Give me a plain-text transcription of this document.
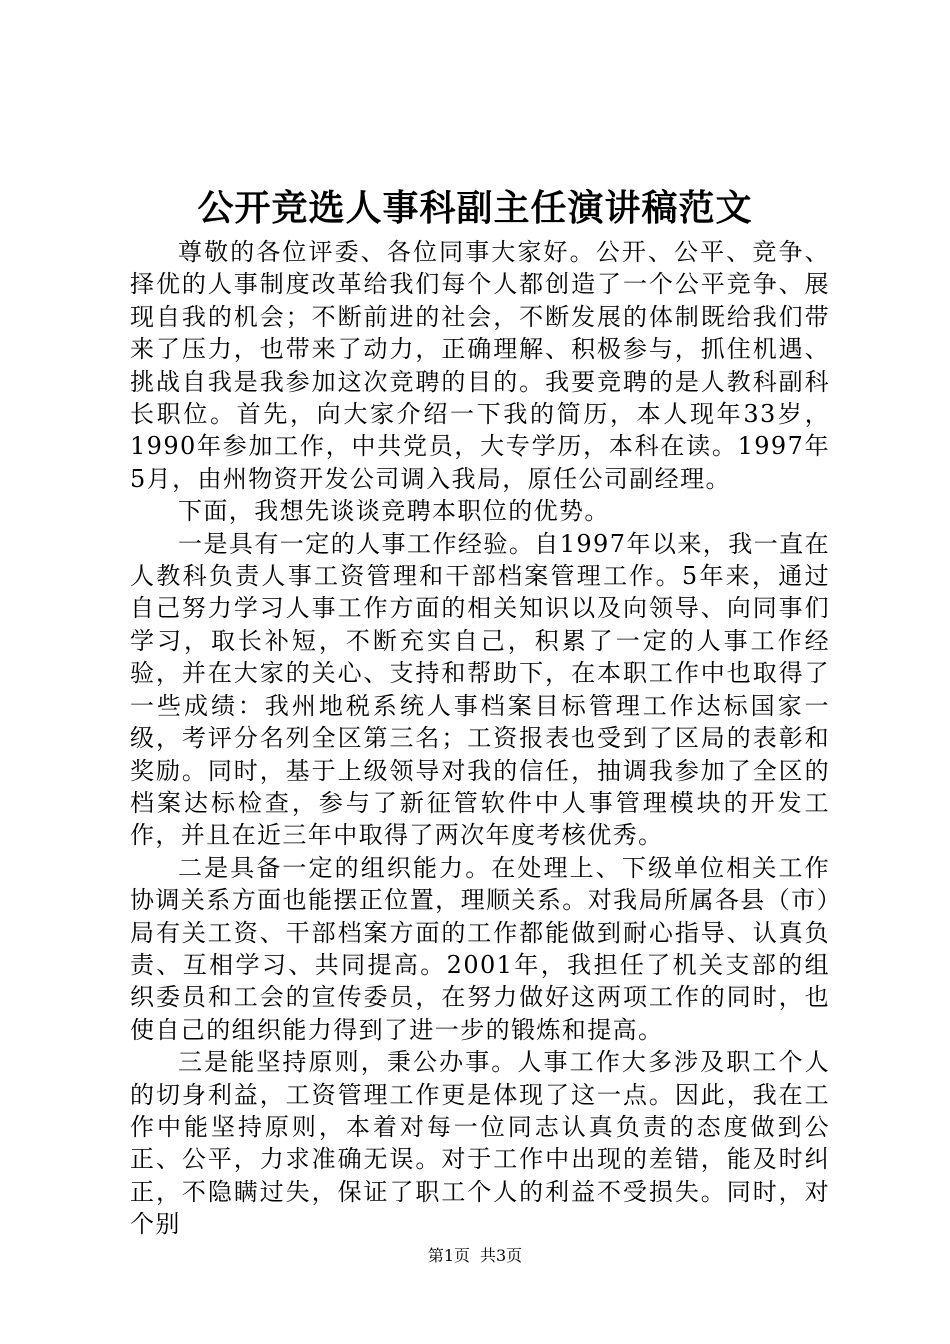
公开竞选人事科副主任演讲稿范文

尊敬的各位评委、各位同事大家好。公开、公平、竞争、择优的人事制度改革给我们每个人都创造了一个公平竞争、展现自我的机会；不断前进的社会，不断发展的体制既给我们带来了压力，也带来了动力，正确理解、积极参与，抓住机遇、挑战自我是我参加这次竞聘的目的。我要竞聘的是人教科副科长职位。首先，向大家介绍一下我的简历，本人现年33岁，1990年参加工作，中共党员，大专学历，本科在读。1997年5月，由州物资开发公司调入我局，原任公司副经理。

下面，我想先谈谈竞聘本职位的优势。

一是具有一定的人事工作经验。自1997年以来，我一直在人教科负责人事工资管理和干部档案管理工作。5年来，通过自己努力学习人事工作方面的相关知识以及向领导、向同事们学习，取长补短，不断充实自己，积累了一定的人事工作经验，并在大家的关心、支持和帮助下，在本职工作中也取得了一些成绩：我州地税系统人事档案目标管理工作达标国家一级，考评分名列全区第三名；工资报表也受到了区局的表彰和奖励。同时，基于上级领导对我的信任，抽调我参加了全区的档案达标检查，参与了新征管软件中人事管理模块的开发工作，并且在近三年中取得了两次年度考核优秀。

二是具备一定的组织能力。在处理上、下级单位相关工作协调关系方面也能摆正位置，理顺关系。对我局所属各县（市）局有关工资、干部档案方面的工作都能做到耐心指导、认真负责、互相学习、共同提高。2001年，我担任了机关支部的组织委员和工会的宣传委员，在努力做好这两项工作的同时，也使自己的组织能力得到了进一步的锻炼和提高。

三是能坚持原则，秉公办事。人事工作大多涉及职工个人的切身利益，工资管理工作更是体现了这一点。因此，我在工作中能坚持原则，本着对每一位同志认真负责的态度做到公正、公平，力求准确无误。对于工作中出现的差错，能及时纠正，不隐瞒过失，保证了职工个人的利益不受损失。同时，对个别

第1页 共3页
